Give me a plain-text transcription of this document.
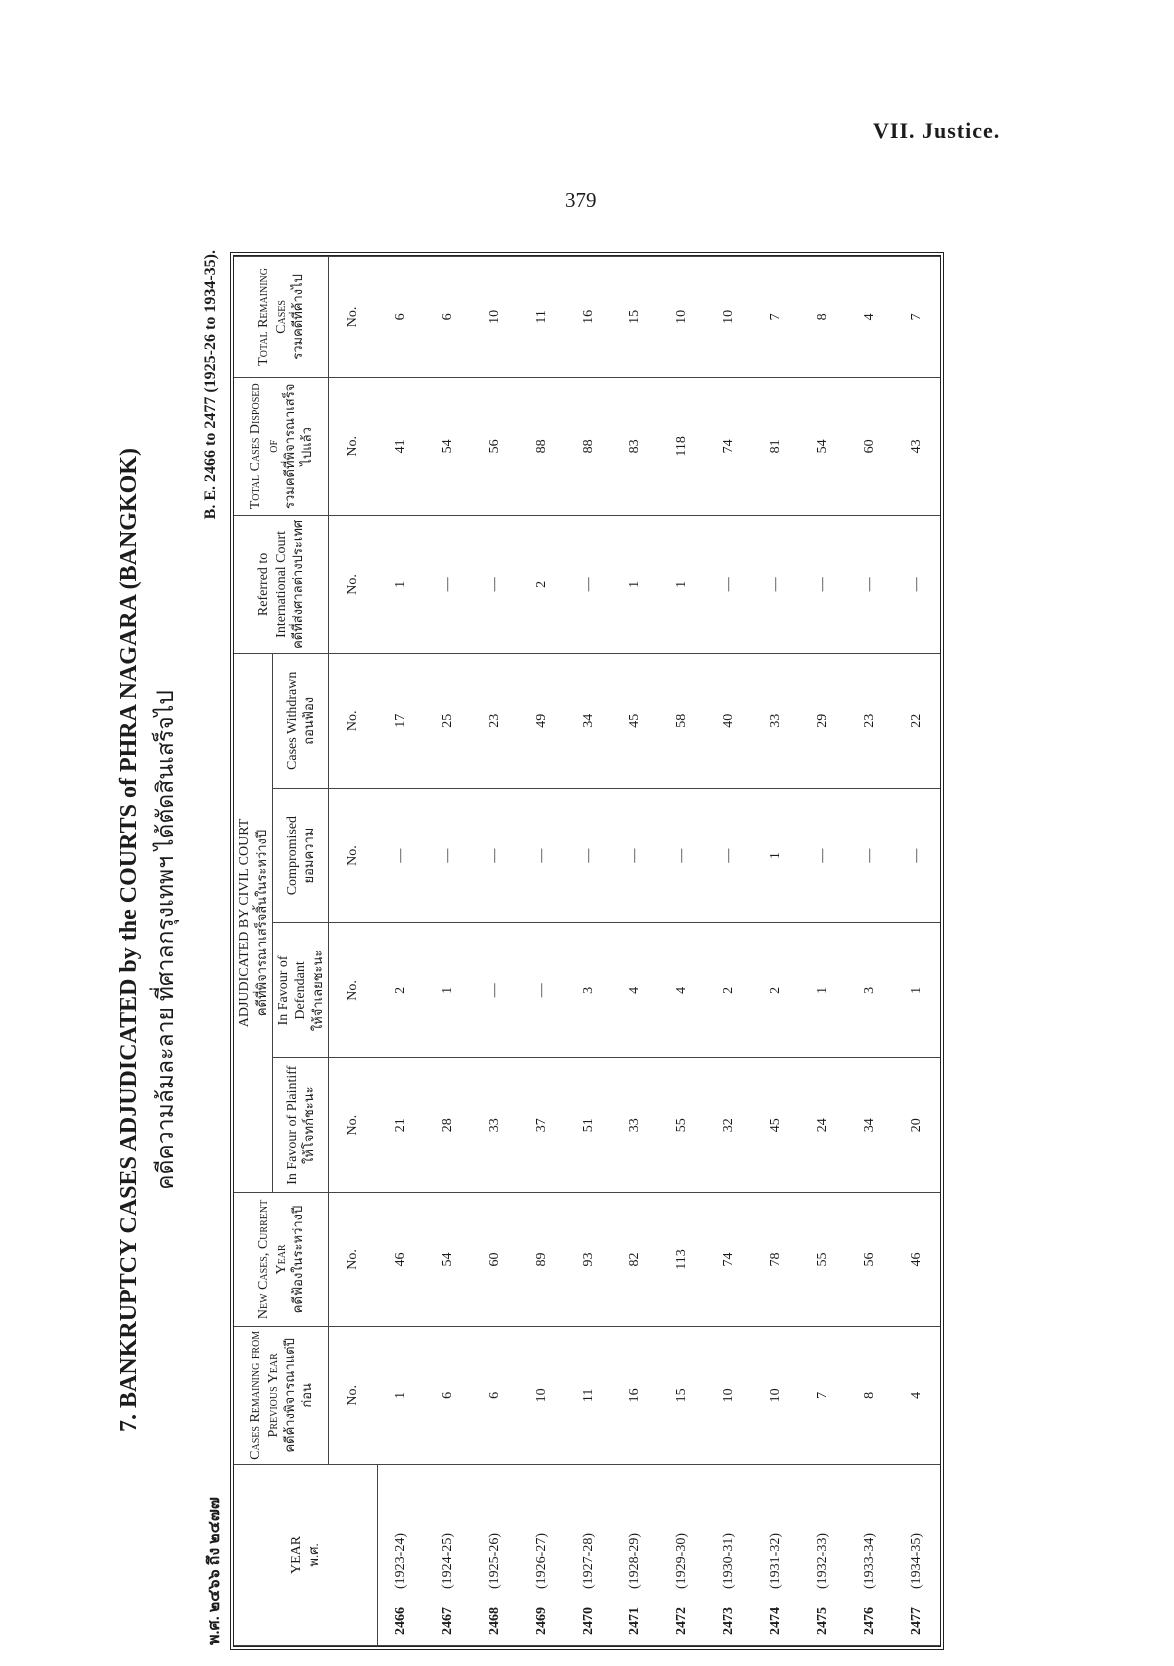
VII. Justice.
379
7. BANKRUPTCY CASES ADJUDICATED by the COURTS of PHRA NAGARA (BANGKOK) คดีความล้มละลาย ที่ศาลกรุงเทพฯ ได้ตัดสินเสร็จไป
พ.ศ. ๒๔๖๖ ถึง ๒๔๗๗
B. E. 2466 to 2477 (1925-26 to 1934-35).
YEAR พ.ศ.	Cases Remaining from Previous Year คดีค้างพิจารณาแต่ปีก่อน	New Cases, Current Year คดีฟ้องในระหว่างปี	ADJUDICATED BY CIVIL COURT คดีที่พิจารณาเสร็จสิ้นในระหว่างปี				Referred to International Court คดีที่ส่งศาลต่างประเทศ	Total Cases Disposed of รวมคดีที่พิจารณาเสร็จไปแล้ว	Total Remaining Cases รวมคดีที่ค้างไป

			In Favour of Plaintiff ให้โจทก์ชะนะ	In Favour of Defendant ให้จำเลยชะนะ	Compromised ยอมความ	Cases Withdrawn ถอนฟ้อง			

	No.	No.	No.	No.	No.	No.	No.	No.	No.
2466(1923-24)	1	46	21	2	—	17	1	41	6
2467(1924-25)	6	54	28	1	—	25	—	54	6
2468(1925-26)	6	60	33	—	—	23	—	56	10
2469(1926-27)	10	89	37	—	—	49	2	88	11
2470(1927-28)	11	93	51	3	—	34	—	88	16
2471(1928-29)	16	82	33	4	—	45	1	83	15
2472(1929-30)	15	113	55	4	—	58	1	118	10
2473(1930-31)	10	74	32	2	—	40	—	74	10
2474(1931-32)	10	78	45	2	1	33	—	81	7
2475(1932-33)	7	55	24	1	—	29	—	54	8
2476(1933-34)	8	56	34	3	—	23	—	60	4
2477(1934-35)	4	46	20	1	—	22	—	43	7
